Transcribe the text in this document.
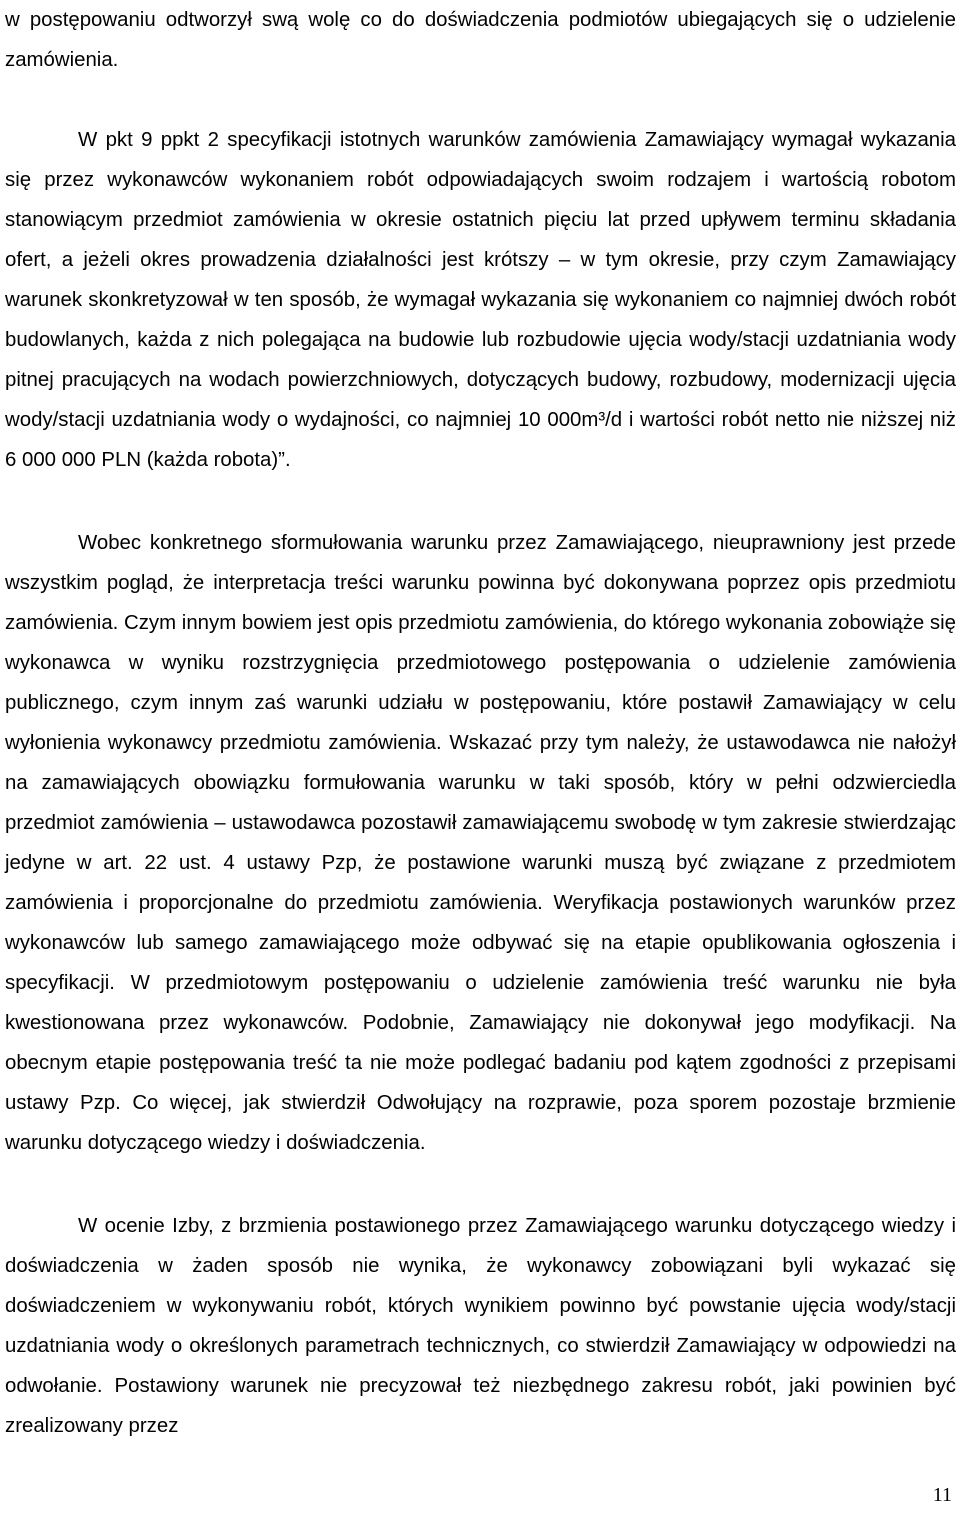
w postępowaniu odtworzył swą wolę co do doświadczenia podmiotów ubiegających się o udzielenie zamówienia.

W pkt 9 ppkt 2 specyfikacji istotnych warunków zamówienia Zamawiający wymagał wykazania się przez wykonawców wykonaniem robót odpowiadających swoim rodzajem i wartością robotom stanowiącym przedmiot zamówienia w okresie ostatnich pięciu lat przed upływem terminu składania ofert, a jeżeli okres prowadzenia działalności jest krótszy – w tym okresie, przy czym Zamawiający warunek skonkretyzował w ten sposób, że wymagał wykazania się wykonaniem co najmniej dwóch robót budowlanych, każda z nich polegająca na budowie lub rozbudowie ujęcia wody/stacji uzdatniania wody pitnej pracujących na wodach powierzchniowych, dotyczących budowy, rozbudowy, modernizacji ujęcia wody/stacji uzdatniania wody o wydajności, co najmniej 10 000m³/d i wartości robót netto nie niższej niż 6 000 000 PLN (każda robota)”.

Wobec konkretnego sformułowania warunku przez Zamawiającego, nieuprawniony jest przede wszystkim pogląd, że interpretacja treści warunku powinna być dokonywana poprzez opis przedmiotu zamówienia. Czym innym bowiem jest opis przedmiotu zamówienia, do którego wykonania zobowiąże się wykonawca w wyniku rozstrzygnięcia przedmiotowego postępowania o udzielenie zamówienia publicznego, czym innym zaś warunki udziału w postępowaniu, które postawił Zamawiający w celu wyłonienia wykonawcy przedmiotu zamówienia. Wskazać przy tym należy, że ustawodawca nie nałożył na zamawiających obowiązku formułowania warunku w taki sposób, który w pełni odzwierciedla przedmiot zamówienia – ustawodawca pozostawił zamawiającemu swobodę w tym zakresie stwierdzając jedyne w art. 22 ust. 4 ustawy Pzp, że postawione warunki muszą być związane z przedmiotem zamówienia i proporcjonalne do przedmiotu zamówienia. Weryfikacja postawionych warunków przez wykonawców lub samego zamawiającego może odbywać się na etapie opublikowania ogłoszenia i specyfikacji. W przedmiotowym postępowaniu o udzielenie zamówienia treść warunku nie była kwestionowana przez wykonawców. Podobnie, Zamawiający nie dokonywał jego modyfikacji. Na obecnym etapie postępowania treść ta nie może podlegać badaniu pod kątem zgodności z przepisami ustawy Pzp. Co więcej, jak stwierdził Odwołujący na rozprawie, poza sporem pozostaje brzmienie warunku dotyczącego wiedzy i doświadczenia.

W ocenie Izby, z brzmienia postawionego przez Zamawiającego warunku dotyczącego wiedzy i doświadczenia w żaden sposób nie wynika, że wykonawcy zobowiązani byli wykazać się doświadczeniem w wykonywaniu robót, których wynikiem powinno być powstanie ujęcia wody/stacji uzdatniania wody o określonych parametrach technicznych, co stwierdził Zamawiający w odpowiedzi na odwołanie. Postawiony warunek nie precyzował też niezbędnego zakresu robót, jaki powinien być zrealizowany przez

11
